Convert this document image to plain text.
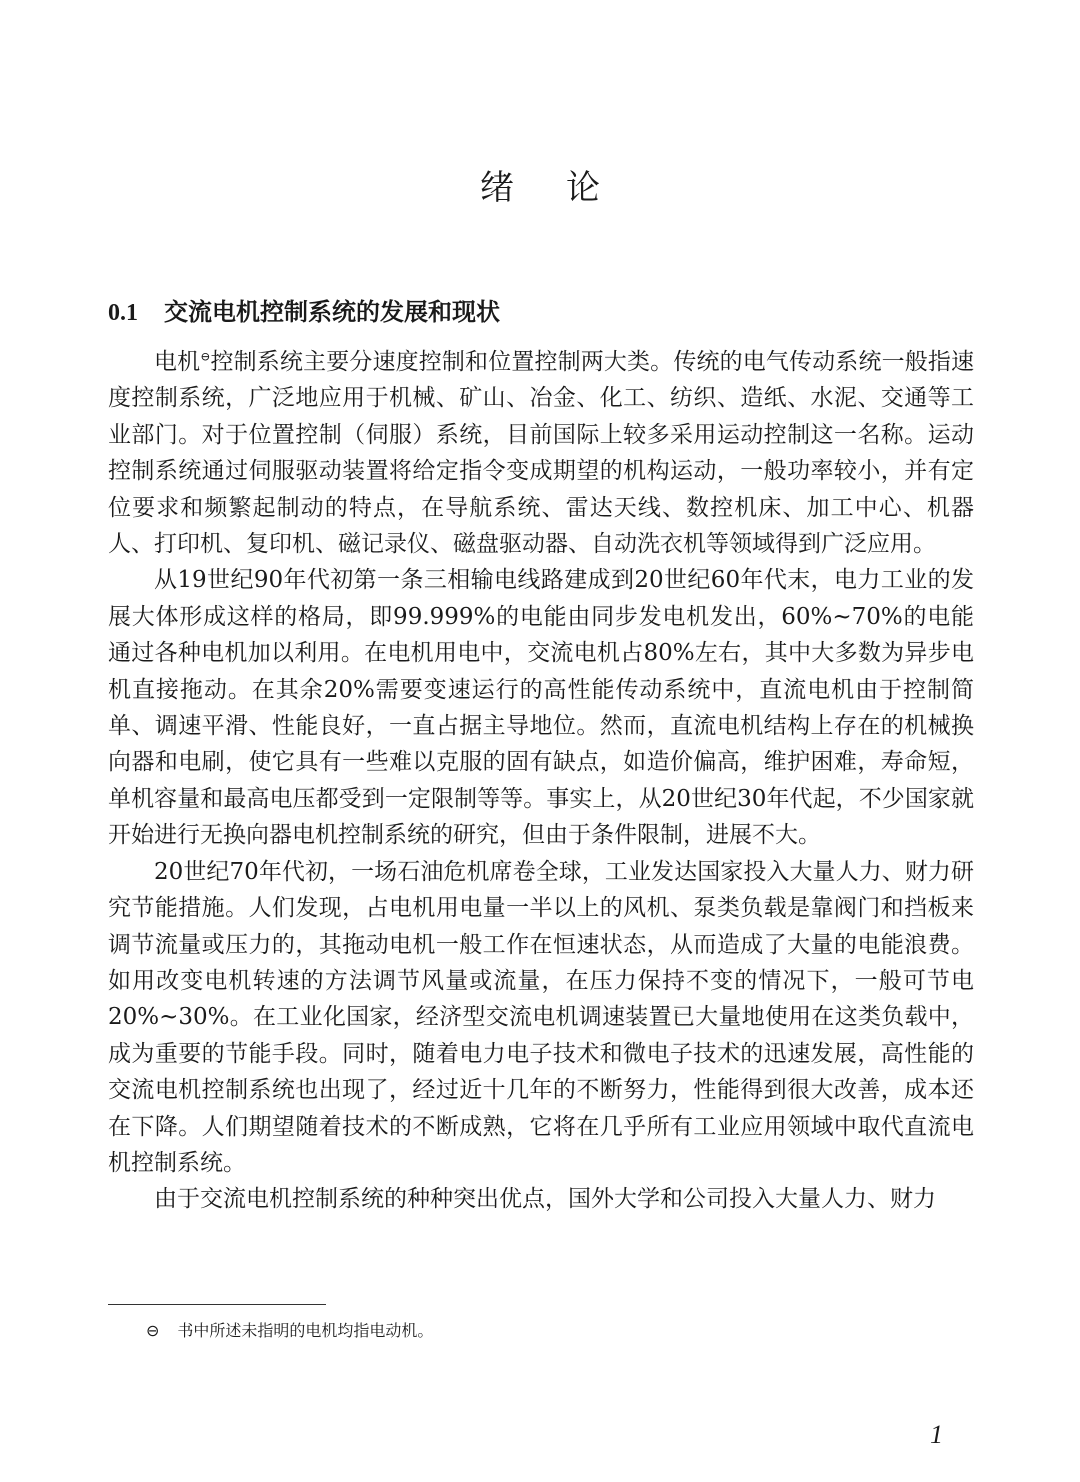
绪论
0.1 交流电机控制系统的发展和现状

电机⊖控制系统主要分速度控制和位置控制两大类。传统的电气传动系统一般指速度控制系统，广泛地应用于机械、矿山、冶金、化工、纺织、造纸、水泥、交通等工业部门。对于位置控制（伺服）系统，目前国际上较多采用运动控制这一名称。运动控制系统通过伺服驱动装置将给定指令变成期望的机构运动，一般功率较小，并有定位要求和频繁起制动的特点，在导航系统、雷达天线、数控机床、加工中心、机器人、打印机、复印机、磁记录仪、磁盘驱动器、自动洗衣机等领域得到广泛应用。

从19世纪90年代初第一条三相输电线路建成到20世纪60年代末，电力工业的发展大体形成这样的格局，即99.999%的电能由同步发电机发出，60%~70%的电能通过各种电机加以利用。在电机用电中，交流电机占80%左右，其中大多数为异步电机直接拖动。在其余20%需要变速运行的高性能传动系统中，直流电机由于控制简单、调速平滑、性能良好，一直占据主导地位。然而，直流电机结构上存在的机械换向器和电刷，使它具有一些难以克服的固有缺点，如造价偏高，维护困难，寿命短，单机容量和最高电压都受到一定限制等等。事实上，从20世纪30年代起，不少国家就开始进行无换向器电机控制系统的研究，但由于条件限制，进展不大。

20世纪70年代初，一场石油危机席卷全球，工业发达国家投入大量人力、财力研究节能措施。人们发现，占电机用电量一半以上的风机、泵类负载是靠阀门和挡板来调节流量或压力的，其拖动电机一般工作在恒速状态，从而造成了大量的电能浪费。如用改变电机转速的方法调节风量或流量，在压力保持不变的情况下，一般可节电20%~30%。在工业化国家，经济型交流电机调速装置已大量地使用在这类负载中，成为重要的节能手段。同时，随着电力电子技术和微电子技术的迅速发展，高性能的交流电机控制系统也出现了，经过近十几年的不断努力，性能得到很大改善，成本还在下降。人们期望随着技术的不断成熟，它将在几乎所有工业应用领域中取代直流电机控制系统。

由于交流电机控制系统的种种突出优点，国外大学和公司投入大量人力、财力

⊖ 书中所述未指明的电机均指电动机。
1
